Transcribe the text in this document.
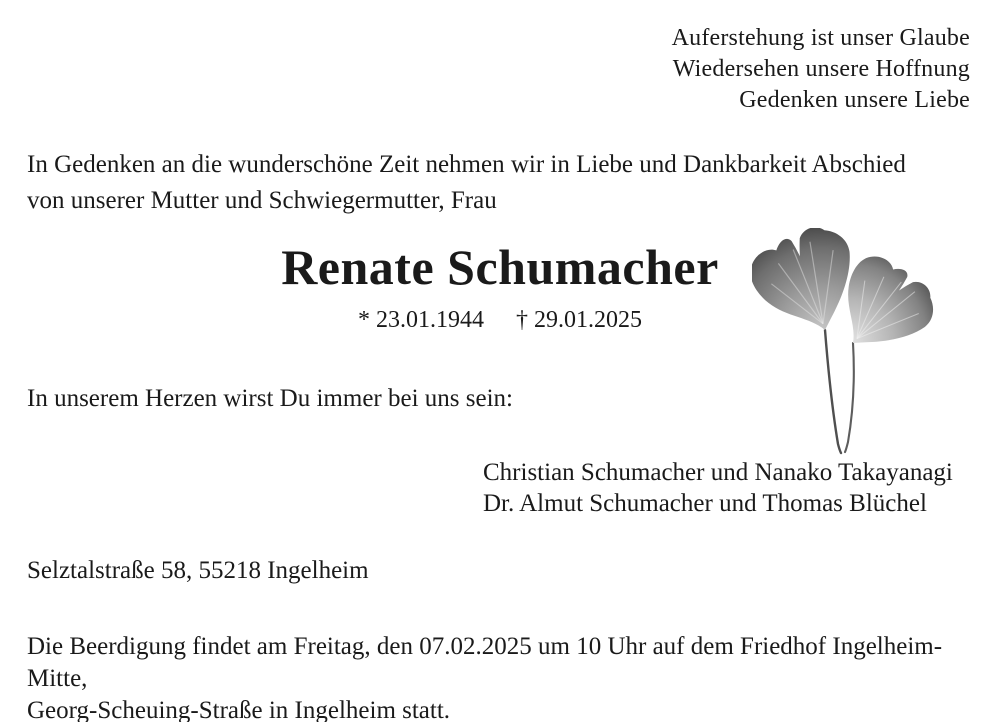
Auferstehung ist unser Glaube
Wiedersehen unsere Hoffnung
Gedenken unsere Liebe
In Gedenken an die wunderschöne Zeit nehmen wir in Liebe und Dankbarkeit Abschied
von unserer Mutter und Schwiegermutter, Frau
Renate Schumacher
* 23.01.1944 † 29.01.2025
In unserem Herzen wirst Du immer bei uns sein:
Christian Schumacher und Nanako Takayanagi
Dr. Almut Schumacher und Thomas Blüchel
Selztalstraße 58, 55218 Ingelheim
Die Beerdigung findet am Freitag, den 07.02.2025 um 10 Uhr auf dem Friedhof Ingelheim-Mitte,
Georg-Scheuing-Straße in Ingelheim statt.
